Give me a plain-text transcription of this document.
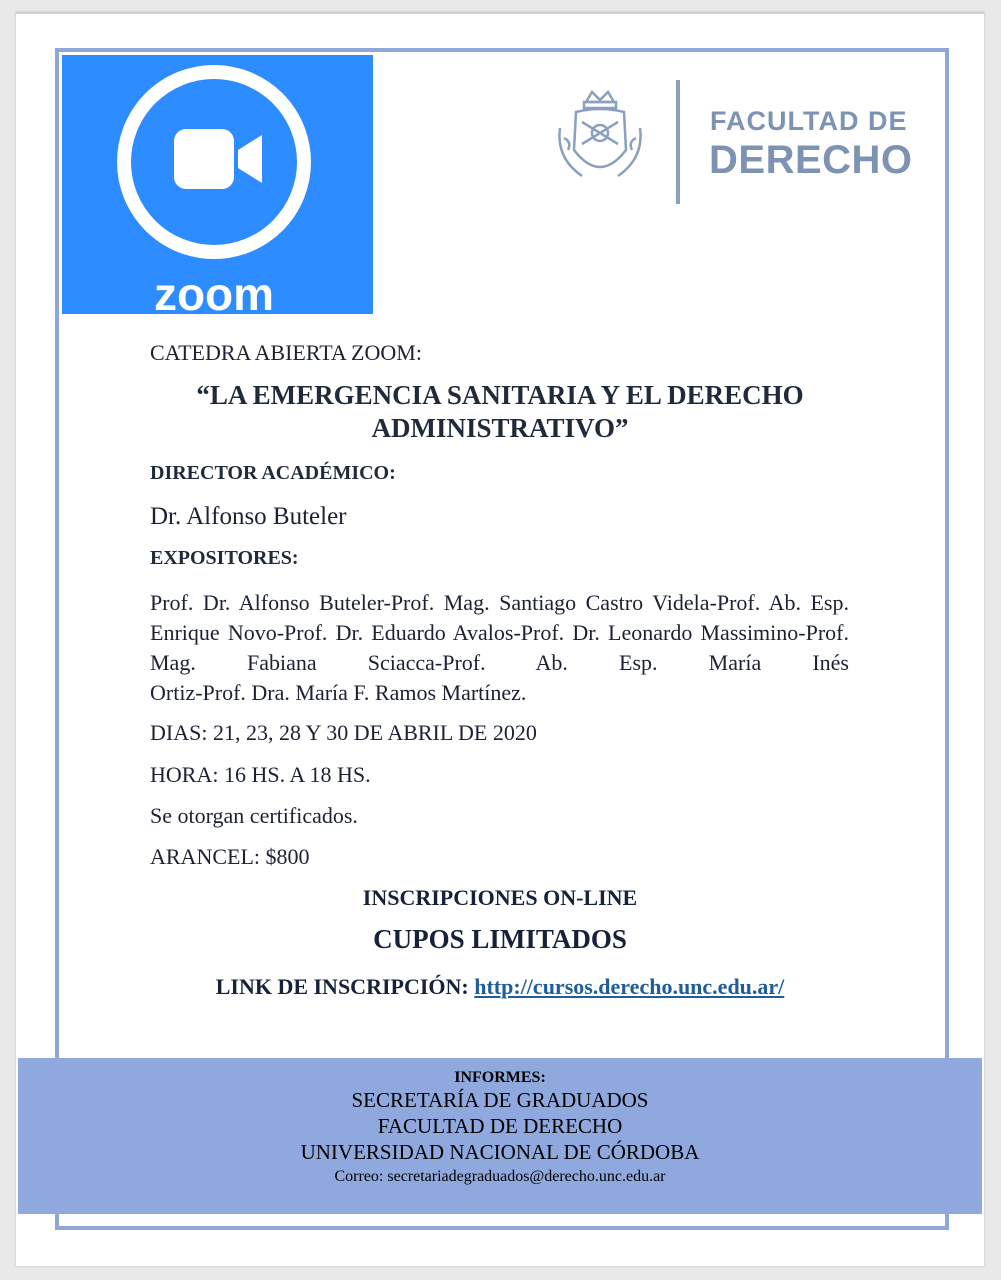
zoom
FACULTAD DE
DERECHO
CATEDRA ABIERTA ZOOM:
“LA EMERGENCIA SANITARIA Y EL DERECHO ADMINISTRATIVO”
DIRECTOR ACADÉMICO:
Dr. Alfonso Buteler
EXPOSITORES:
Prof. Dr. Alfonso Buteler-Prof. Mag. Santiago Castro Videla-Prof. Ab. Esp. Enrique Novo-Prof. Dr. Eduardo Avalos-Prof. Dr. Leonardo Massimino-Prof. Mag. Fabiana Sciacca-Prof. Ab. Esp. María Inés
Ortiz-Prof. Dra. María F. Ramos Martínez.
DIAS: 21, 23, 28 Y 30 DE ABRIL DE 2020
HORA: 16 HS. A 18 HS.
Se otorgan certificados.
ARANCEL: $800
INSCRIPCIONES ON-LINE
CUPOS LIMITADOS
LINK DE INSCRIPCIÓN: http://cursos.derecho.unc.edu.ar/
INFORMES:
SECRETARÍA DE GRADUADOS
FACULTAD DE DERECHO
UNIVERSIDAD NACIONAL DE CÓRDOBA
Correo: secretariadegraduados@derecho.unc.edu.ar
